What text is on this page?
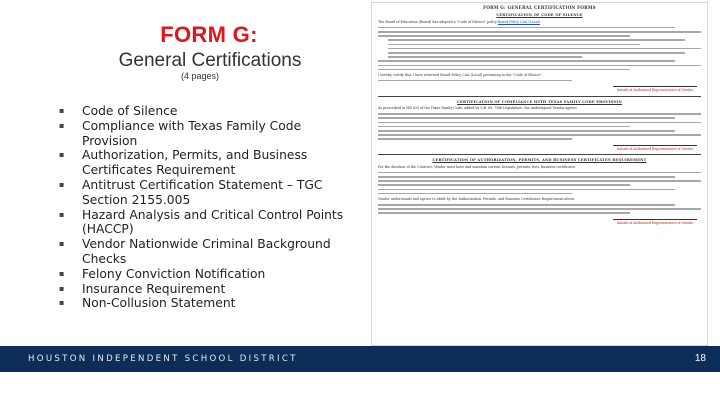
FORM G:
General Certifications
(4 pages)
▪ Code of Silence
▪ Compliance with Texas Family Code Provision
▪ Authorization, Permits, and Business Certificates Requirement
▪ Antitrust Certification Statement – TGC Section 2155.005
▪ Hazard Analysis and Critical Control Points (HACCP)
▪ Vendor Nationwide Criminal Background Checks
▪ Felony Conviction Notification
▪ Insurance Requirement
▪ Non-Collusion Statement
FORM G: GENERAL CERTIFICATION FORMS
CERTIFICATION OF CODE OF SILENCE
The Board of Education (Board) has adopted a "Code of Silence" policy Board Policy CAA (Local)
I hereby certify that I have reviewed Board Policy CAA (Local) pertaining to the "Code of Silence".
Initials of Authorized Representative of Vendor
CERTIFICATION OF COMPLIANCE WITH TEXAS FAMILY CODE PROVISION
As prescribed in HB 620 of the Texas Family Code, added by S.B. 89, 76th Legislature, the undersigned Vendor agrees
Initials of Authorized Representative of Vendor
CERTIFICATION OF AUTHORIZATION, PERMITS, AND BUSINESS CERTIFICATES REQUIREMENT
For the duration of the Contract, Vendor must have and maintain current licenses, permits, fees, business certificates
Vendor understands and agrees to abide by the Authorization, Permits, and Business Certificates Requirement above.
Initials of Authorized Representative of Vendor
HOUSTON INDEPENDENT SCHOOL DISTRICT	18
